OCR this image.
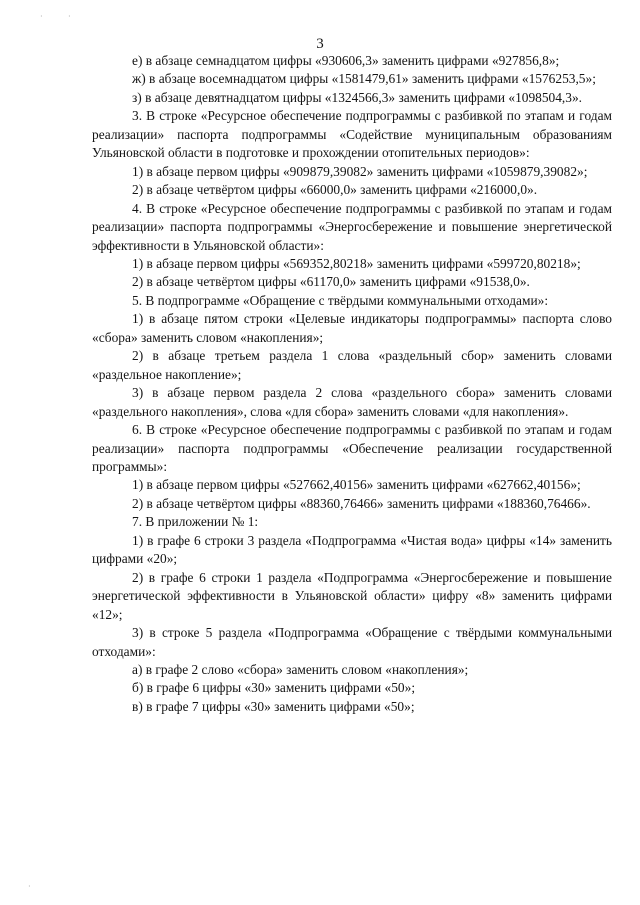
3
·	·
·

е) в абзаце семнадцатом цифры «930606,3» заменить цифрами «927856,8»;

ж) в абзаце восемнадцатом цифры «1581479,61» заменить цифрами «1576253,5»;

з) в абзаце девятнадцатом цифры «1324566,3» заменить цифрами «1098504,3».

3. В строке «Ресурсное обеспечение подпрограммы с разбивкой по этапам и годам реализации» паспорта подпрограммы «Содействие муниципальным образованиям Ульяновской области в подготовке и прохождении отопительных периодов»:

1) в абзаце первом цифры «909879,39082» заменить цифрами «1059879,39082»;

2) в абзаце четвёртом цифры «66000,0» заменить цифрами «216000,0».

4. В строке «Ресурсное обеспечение подпрограммы с разбивкой по этапам и годам реализации» паспорта подпрограммы «Энергосбережение и повышение энергетической эффективности в Ульяновской области»:

1) в абзаце первом цифры «569352,80218» заменить цифрами «599720,80218»;

2) в абзаце четвёртом цифры «61170,0» заменить цифрами «91538,0».

5. В подпрограмме «Обращение с твёрдыми коммунальными отходами»:

1) в абзаце пятом строки «Целевые индикаторы подпрограммы» паспорта слово «сбора» заменить словом «накопления»;

2) в абзаце третьем раздела 1 слова «раздельный сбор» заменить словами «раздельное накопление»;

3) в абзаце первом раздела 2 слова «раздельного сбора» заменить словами «раздельного накопления», слова «для сбора» заменить словами «для накопления».

6. В строке «Ресурсное обеспечение подпрограммы с разбивкой по этапам и годам реализации» паспорта подпрограммы «Обеспечение реализации государственной программы»:

1) в абзаце первом цифры «527662,40156» заменить цифрами «627662,40156»;

2) в абзаце четвёртом цифры «88360,76466» заменить цифрами «188360,76466».

7. В приложении № 1:

1) в графе 6 строки 3 раздела «Подпрограмма «Чистая вода» цифры «14» заменить цифрами «20»;

2) в графе 6 строки 1 раздела «Подпрограмма «Энергосбережение и повышение энергетической эффективности в Ульяновской области» цифру «8» заменить цифрами «12»;

3) в строке 5 раздела «Подпрограмма «Обращение с твёрдыми коммунальными отходами»:

а) в графе 2 слово «сбора» заменить словом «накопления»;

б) в графе 6 цифры «30» заменить цифрами «50»;

в) в графе 7 цифры «30» заменить цифрами «50»;
